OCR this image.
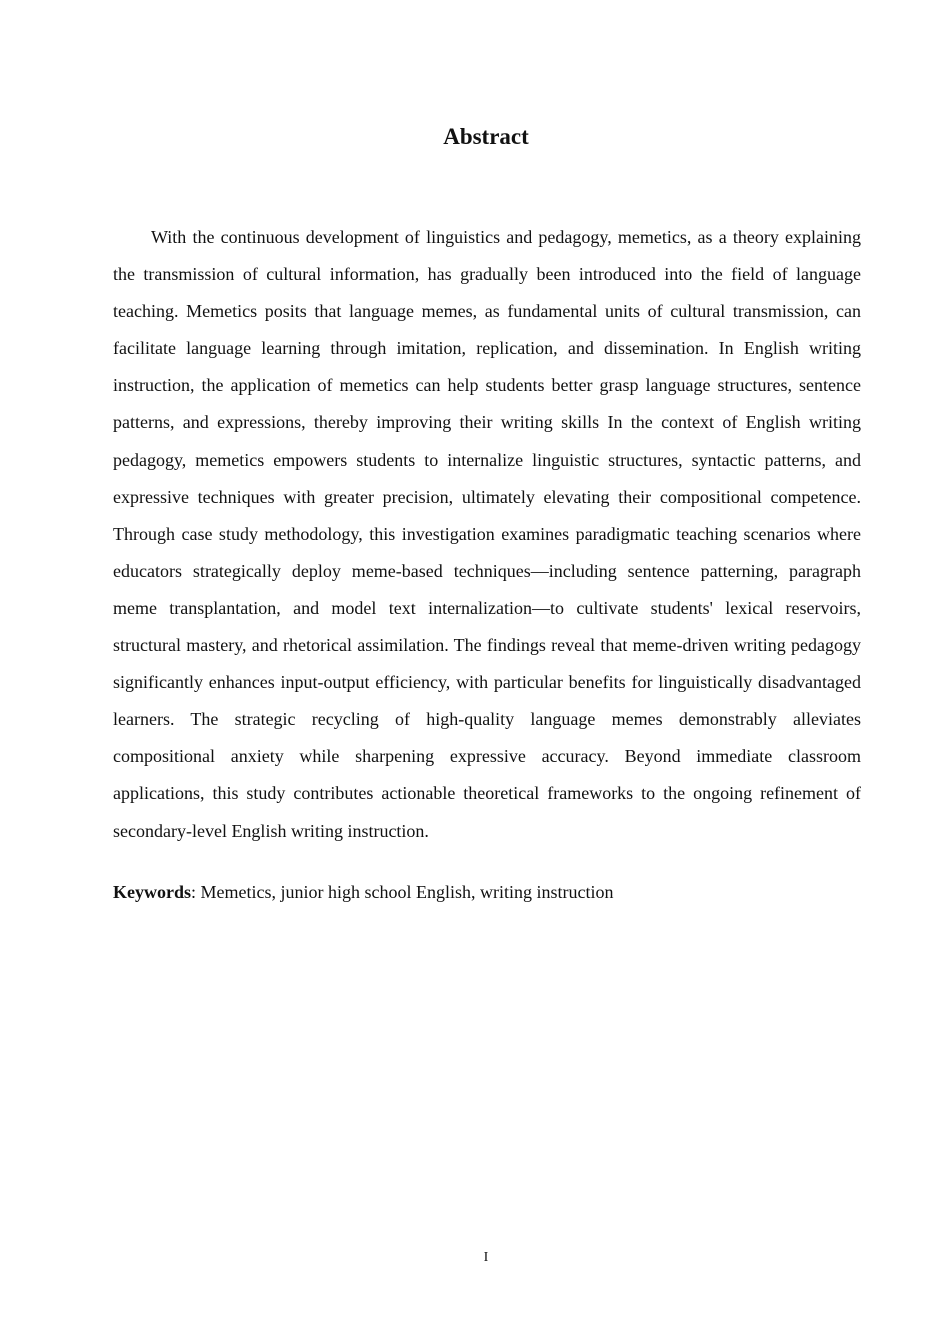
Abstract

With the continuous development of linguistics and pedagogy, memetics, as a theory explaining the transmission of cultural information, has gradually been introduced into the field of language teaching. Memetics posits that language memes, as fundamental units of cultural transmission, can facilitate language learning through imitation, replication, and dissemination. In English writing instruction, the application of memetics can help students better grasp language structures, sentence patterns, and expressions, thereby improving their writing skills In the context of English writing pedagogy, memetics empowers students to internalize linguistic structures, syntactic patterns, and expressive techniques with greater precision, ultimately elevating their compositional competence. Through case study methodology, this investigation examines paradigmatic teaching scenarios where educators strategically deploy meme-based techniques—including sentence patterning, paragraph meme transplantation, and model text internalization—to cultivate students' lexical reservoirs, structural mastery, and rhetorical assimilation. The findings reveal that meme-driven writing pedagogy significantly enhances input-output efficiency, with particular benefits for linguistically disadvantaged learners. The strategic recycling of high-quality language memes demonstrably alleviates compositional anxiety while sharpening expressive accuracy. Beyond immediate classroom applications, this study contributes actionable theoretical frameworks to the ongoing refinement of secondary-level English writing instruction.

Keywords: Memetics, junior high school English, writing instruction

I
